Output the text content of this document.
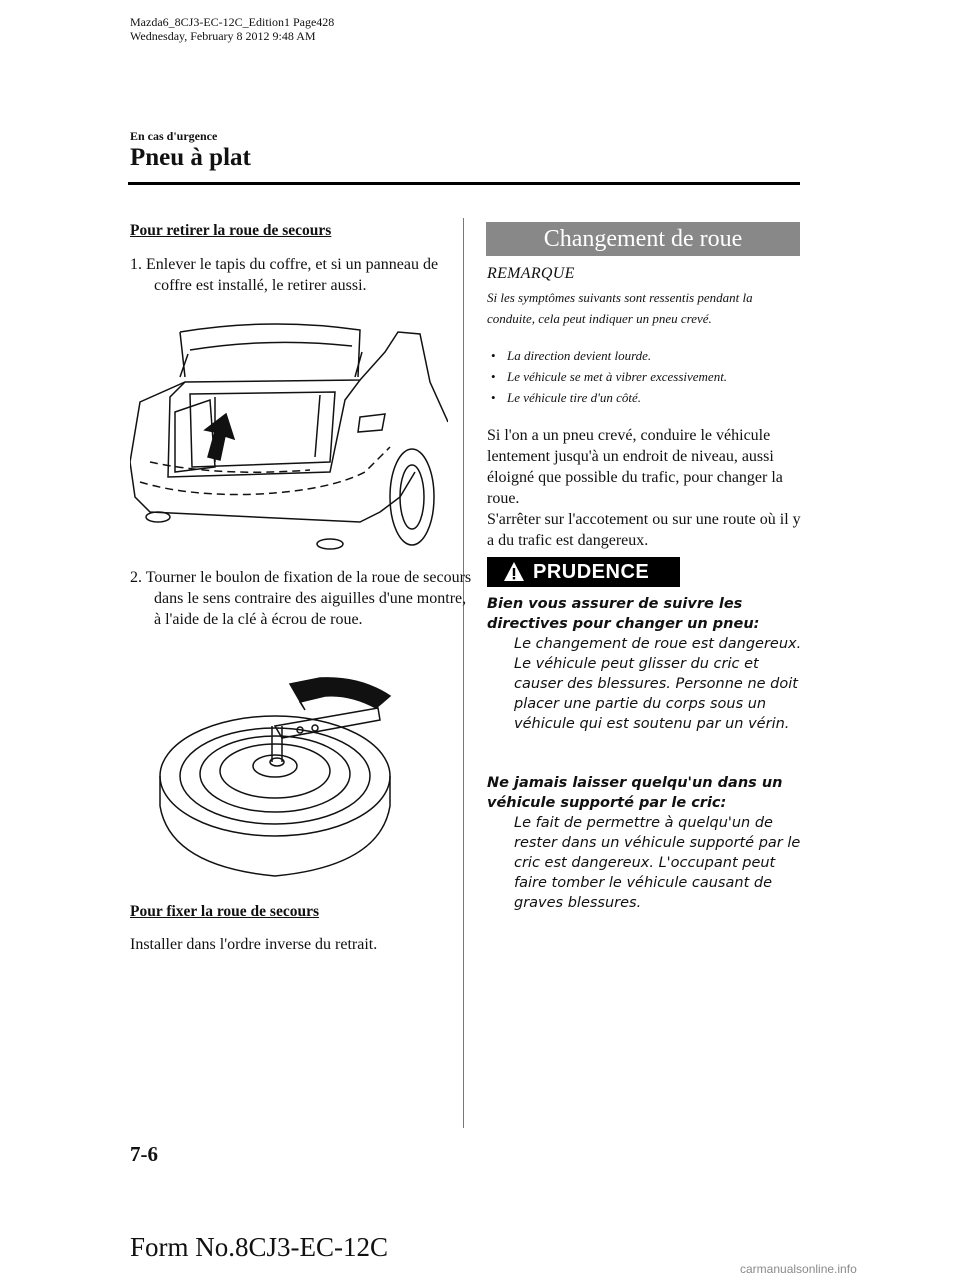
Mazda6_8CJ3-EC-12C_Edition1 Page428
Wednesday, February 8 2012 9:48 AM
En cas d'urgence
Pneu à plat

Pour retirer la roue de secours

1. Enlever le tapis du coffre, et si un panneau de coffre est installé, le retirer aussi.

2. Tourner le boulon de fixation de la roue de secours dans le sens contraire des aiguilles d'une montre, à l'aide de la clé à écrou de roue.

Pour fixer la roue de secours

Installer dans l'ordre inverse du retrait.

Changement de roue
REMARQUE
Si les symptômes suivants sont ressentis pendant la conduite, cela peut indiquer un pneu crevé.
• La direction devient lourde.
• Le véhicule se met à vibrer excessivement.
• Le véhicule tire d'un côté.

Si l'on a un pneu crevé, conduire le véhicule lentement jusqu'à un endroit de niveau, aussi éloigné que possible du trafic, pour changer la roue.

S'arrêter sur l'accotement ou sur une route où il y a du trafic est dangereux.

PRUDENCE

Bien vous assurer de suivre les directives pour changer un pneu:

Le changement de roue est dangereux. Le véhicule peut glisser du cric et causer des blessures. Personne ne doit placer une partie du corps sous un véhicule qui est soutenu par un vérin.

Ne jamais laisser quelqu'un dans un véhicule supporté par le cric:

Le fait de permettre à quelqu'un de rester dans un véhicule supporté par le cric est dangereux. L'occupant peut faire tomber le véhicule causant de graves blessures.

7-6
Form No.8CJ3-EC-12C
carmanualsonline.info
